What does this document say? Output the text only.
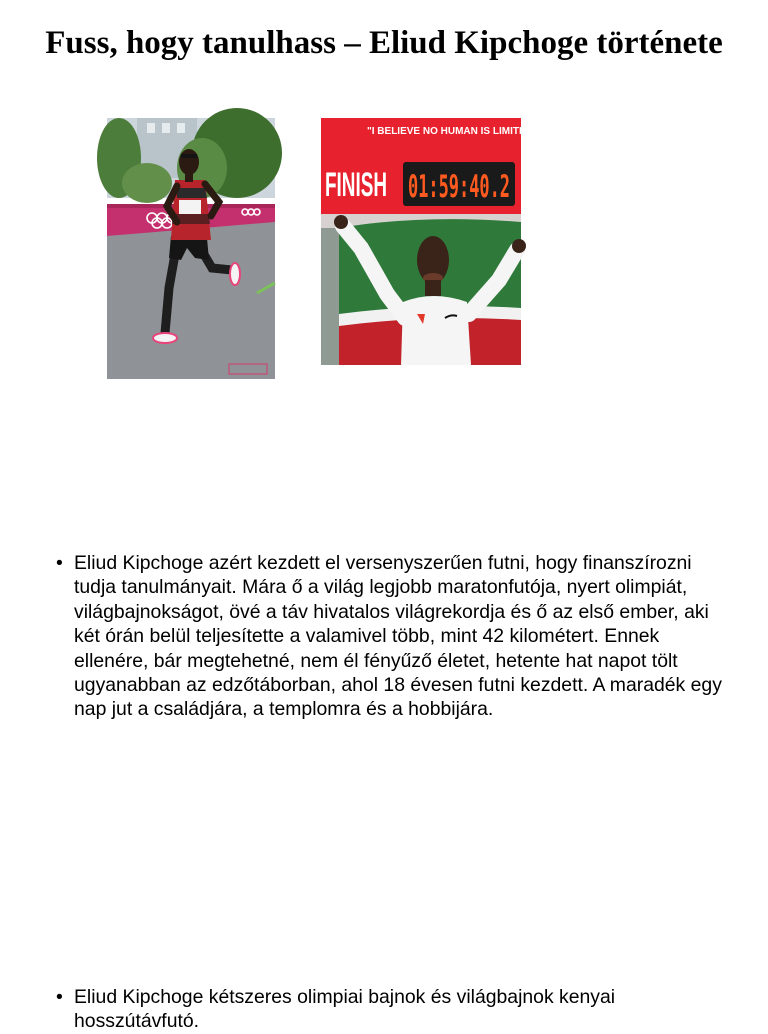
Fuss, hogy tanulhass – Eliud Kipchoge története
"I BELIEVE NO HUMAN IS LIMITED" - ELIUD K
FINISH 01:59:40.2
• Eliud Kipchoge azért kezdett el versenyszerűen futni, hogy finanszírozni tudja tanulmányait. Mára ő a világ legjobb maratonfutója, nyert olimpiát, világbajnokságot, övé a táv hivatalos világrekordja és ő az első ember, aki két órán belül teljesítette a valamivel több, mint 42 kilométert. Ennek ellenére, bár megtehetné, nem él fényűző életet, hetente hat napot tölt ugyanabban az edzőtáborban, ahol 18 évesen futni kezdett. A maradék egy nap jut a családjára, a templomra és a hobbijára.
• Eliud Kipchoge kétszeres olimpiai bajnok és világbajnok kenyai hosszútávfutó.
